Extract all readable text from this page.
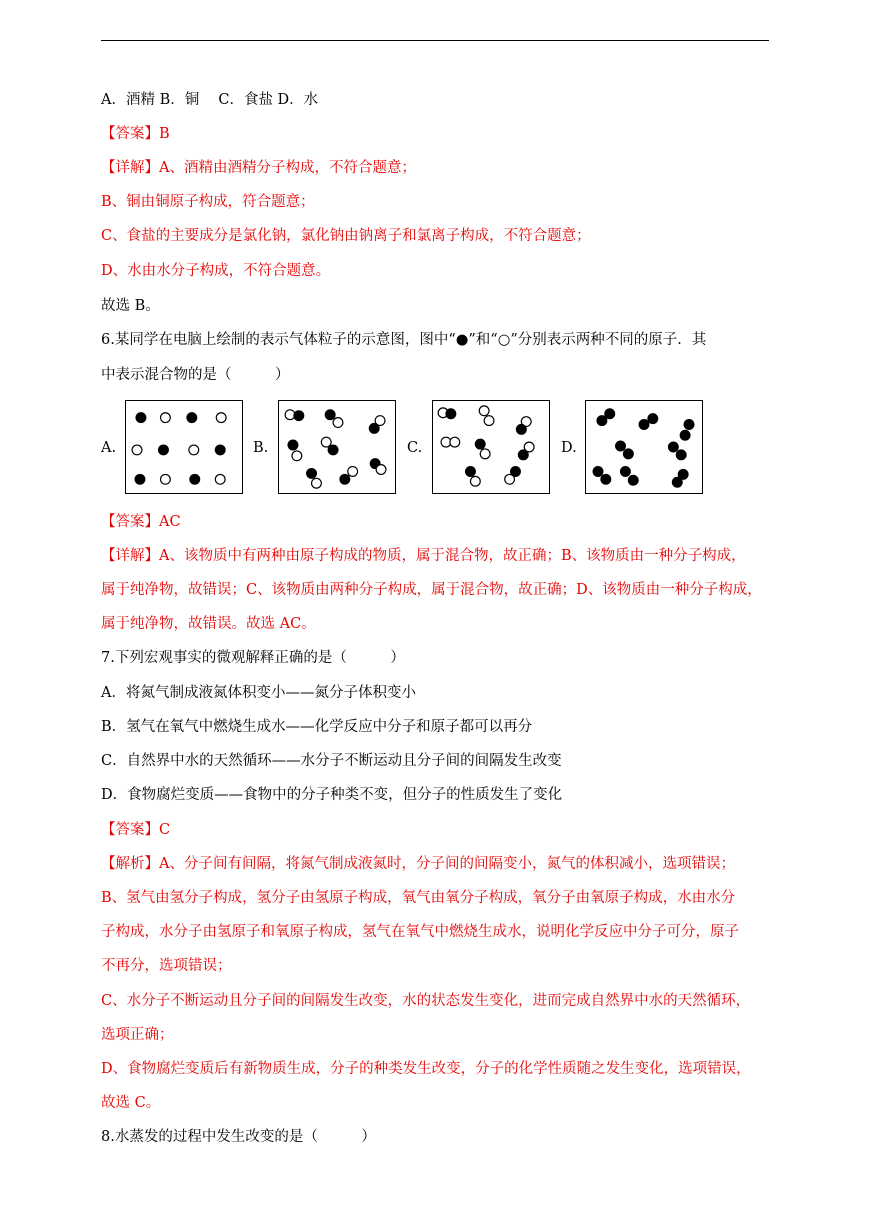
A．酒精 B．铜　 C．食盐 D．水
【答案】B
【详解】A、酒精由酒精分子构成，不符合题意；
B、铜由铜原子构成，符合题意；
C、食盐的主要成分是氯化钠，氯化钠由钠离子和氯离子构成，不符合题意；
D、水由水分子构成，不符合题意。
故选 B。
6.某同学在电脑上绘制的表示气体粒子的示意图，图中“●”和“○”分别表示两种不同的原子．其
中表示混合物的是（　　　）
A.	B.	C.	D.
【答案】AC
【详解】A、该物质中有两种由原子构成的物质，属于混合物，故正确；B、该物质由一种分子构成，
属于纯净物，故错误；C、该物质由两种分子构成，属于混合物，故正确；D、该物质由一种分子构成，
属于纯净物，故错误。故选 AC。
7.下列宏观事实的微观解释正确的是（　　　）
A．将氮气制成液氮体积变小——氮分子体积变小
B．氢气在氧气中燃烧生成水——化学反应中分子和原子都可以再分
C．自然界中水的天然循环——水分子不断运动且分子间的间隔发生改变
D．食物腐烂变质——食物中的分子种类不变，但分子的性质发生了变化
【答案】C
【解析】A、分子间有间隔，将氮气制成液氮时，分子间的间隔变小，氮气的体积减小，选项错误；
B、氢气由氢分子构成，氢分子由氢原子构成，氧气由氧分子构成，氧分子由氧原子构成，水由水分
子构成，水分子由氢原子和氧原子构成，氢气在氧气中燃烧生成水，说明化学反应中分子可分，原子
不再分，选项错误；
C、水分子不断运动且分子间的间隔发生改变，水的状态发生变化，进而完成自然界中水的天然循环，
选项正确；
D、食物腐烂变质后有新物质生成，分子的种类发生改变，分子的化学性质随之发生变化，选项错误，
故选 C。
8.水蒸发的过程中发生改变的是（　　　）
